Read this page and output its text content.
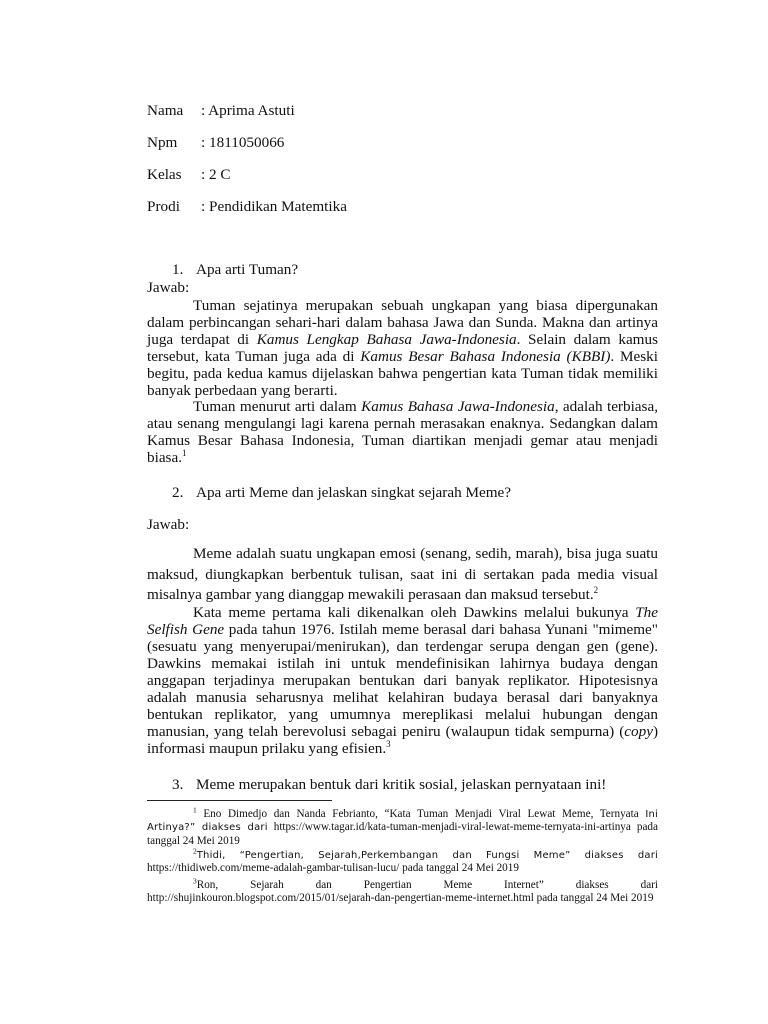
Nama : Aprima Astuti
Npm : 1811050066
Kelas : 2 C
Prodi : Pendidikan Matemtika
1. Apa arti Tuman?
Jawab:

Tuman sejatinya merupakan sebuah ungkapan yang biasa dipergunakan dalam perbincangan sehari-hari dalam bahasa Jawa dan Sunda. Makna dan artinya juga terdapat di Kamus Lengkap Bahasa Jawa-Indonesia. Selain dalam kamus tersebut, kata Tuman juga ada di Kamus Besar Bahasa Indonesia (KBBI). Meski begitu, pada kedua kamus dijelaskan bahwa pengertian kata Tuman tidak memiliki banyak perbedaan yang berarti.

Tuman menurut arti dalam Kamus Bahasa Jawa-Indonesia, adalah terbiasa, atau senang mengulangi lagi karena pernah merasakan enaknya. Sedangkan dalam Kamus Besar Bahasa Indonesia, Tuman diartikan menjadi gemar atau menjadi biasa.$^1$

2. Apa arti Meme dan jelaskan singkat sejarah Meme?
Jawab:

Meme adalah suatu ungkapan emosi (senang, sedih, marah), bisa juga suatu maksud, diungkapkan berbentuk tulisan, saat ini di sertakan pada media visual misalnya gambar yang dianggap mewakili perasaan dan maksud tersebut.$^2$

Kata meme pertama kali dikenalkan oleh Dawkins melalui bukunya The Selfish Gene pada tahun 1976. Istilah meme berasal dari bahasa Yunani "mimeme" (sesuatu yang menyerupai/menirukan), dan terdengar serupa dengan gen (gene). Dawkins memakai istilah ini untuk mendefinisikan lahirnya budaya dengan anggapan terjadinya merupakan bentukan dari banyak replikator. Hipotesisnya adalah manusia seharusnya melihat kelahiran budaya berasal dari banyaknya bentukan replikator, yang umumnya mereplikasi melalui hubungan dengan manusian, yang telah berevolusi sebagai peniru (walaupun tidak sempurna) (copy) informasi maupun prilaku yang efisien.$^3$

3. Meme merupakan bentuk dari kritik sosial, jelaskan pernyataan ini!

$^1$ Eno Dimedjo dan Nanda Febrianto, “Kata Tuman Menjadi Viral Lewat Meme, Ternyata Ini Artinya?” diakses dari https://www.tagar.id/kata-tuman-menjadi-viral-lewat-meme-ternyata-ini-artinya pada tanggal 24 Mei 2019

$^2$Thidi, “Pengertian, Sejarah,Perkembangan dan Fungsi Meme” diakses dari https://thidiweb.com/meme-adalah-gambar-tulisan-lucu/ pada tanggal 24 Mei 2019

$^3$Ron, Sejarah dan Pengertian Meme Internet” diakses dari http://shujinkouron.blogspot.com/2015/01/sejarah-dan-pengertian-meme-internet.html pada tanggal 24 Mei 2019
